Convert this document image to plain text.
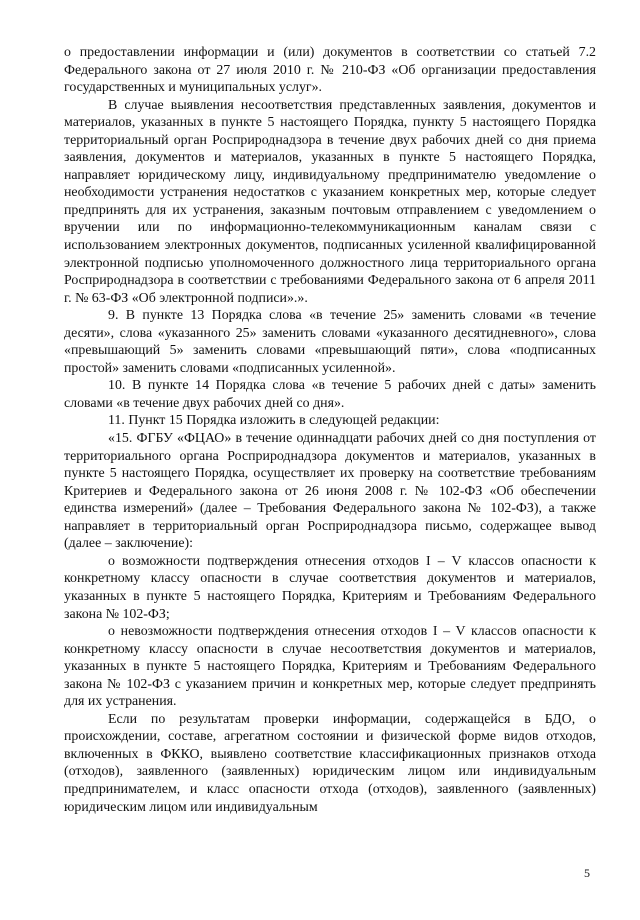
о предоставлении информации и (или) документов в соответствии со статьей 7.2 Федерального закона от 27 июля 2010 г. № 210-ФЗ «Об организации предоставления государственных и муниципальных услуг».

В случае выявления несоответствия представленных заявления, документов и материалов, указанных в пункте 5 настоящего Порядка, пункту 5 настоящего Порядка территориальный орган Росприроднадзора в течение двух рабочих дней со дня приема заявления, документов и материалов, указанных в пункте 5 настоящего Порядка, направляет юридическому лицу, индивидуальному предпринимателю уведомление о необходимости устранения недостатков с указанием конкретных мер, которые следует предпринять для их устранения, заказным почтовым отправлением с уведомлением о вручении или по информационно-телекоммуникационным каналам связи с использованием электронных документов, подписанных усиленной квалифицированной электронной подписью уполномоченного должностного лица территориального органа Росприроднадзора в соответствии с требованиями Федерального закона от 6 апреля 2011 г. № 63-ФЗ «Об электронной подписи».».

9. В пункте 13 Порядка слова «в течение 25» заменить словами «в течение десяти», слова «указанного 25» заменить словами «указанного десятидневного», слова «превышающий 5» заменить словами «превышающий пяти», слова «подписанных простой» заменить словами «подписанных усиленной».

10. В пункте 14 Порядка слова «в течение 5 рабочих дней с даты» заменить словами «в течение двух рабочих дней со дня».

11. Пункт 15 Порядка изложить в следующей редакции:

«15. ФГБУ «ФЦАО» в течение одиннадцати рабочих дней со дня поступления от территориального органа Росприроднадзора документов и материалов, указанных в пункте 5 настоящего Порядка, осуществляет их проверку на соответствие требованиям Критериев и Федерального закона от 26 июня 2008 г. № 102-ФЗ «Об обеспечении единства измерений» (далее – Требования Федерального закона № 102-ФЗ), а также направляет в территориальный орган Росприроднадзора письмо, содержащее вывод (далее – заключение):

о возможности подтверждения отнесения отходов I – V классов опасности к конкретному классу опасности в случае соответствия документов и материалов, указанных в пункте 5 настоящего Порядка, Критериям и Требованиям Федерального закона № 102-ФЗ;

о невозможности подтверждения отнесения отходов I – V классов опасности к конкретному классу опасности в случае несоответствия документов и материалов, указанных в пункте 5 настоящего Порядка, Критериям и Требованиям Федерального закона № 102-ФЗ с указанием причин и конкретных мер, которые следует предпринять для их устранения.

Если по результатам проверки информации, содержащейся в БДО, о происхождении, составе, агрегатном состоянии и физической форме видов отходов, включенных в ФККО, выявлено соответствие классификационных признаков отхода (отходов), заявленного (заявленных) юридическим лицом или индивидуальным предпринимателем, и класс опасности отхода (отходов), заявленного (заявленных) юридическим лицом или индивидуальным

5
